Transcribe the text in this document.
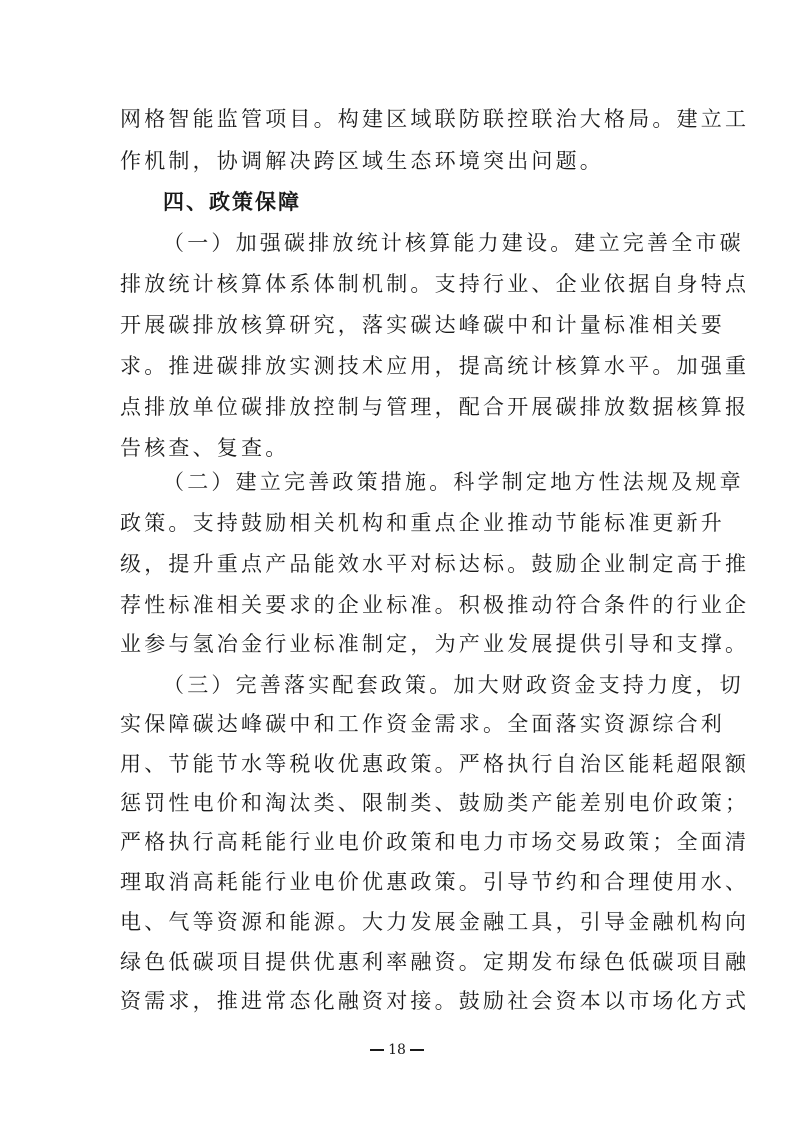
网格智能监管项目。构建区域联防联控联治大格局。建立工
作机制，协调解决跨区域生态环境突出问题。
四、政策保障
（一）加强碳排放统计核算能力建设。建立完善全市碳
排放统计核算体系体制机制。支持行业、企业依据自身特点
开展碳排放核算研究，落实碳达峰碳中和计量标准相关要
求。推进碳排放实测技术应用，提高统计核算水平。加强重
点排放单位碳排放控制与管理，配合开展碳排放数据核算报
告核查、复查。
（二）建立完善政策措施。科学制定地方性法规及规章
政策。支持鼓励相关机构和重点企业推动节能标准更新升
级，提升重点产品能效水平对标达标。鼓励企业制定高于推
荐性标准相关要求的企业标准。积极推动符合条件的行业企
业参与氢冶金行业标准制定，为产业发展提供引导和支撑。
（三）完善落实配套政策。加大财政资金支持力度，切
实保障碳达峰碳中和工作资金需求。全面落实资源综合利
用、节能节水等税收优惠政策。严格执行自治区能耗超限额
惩罚性电价和淘汰类、限制类、鼓励类产能差别电价政策；
严格执行高耗能行业电价政策和电力市场交易政策；全面清
理取消高耗能行业电价优惠政策。引导节约和合理使用水、
电、气等资源和能源。大力发展金融工具，引导金融机构向
绿色低碳项目提供优惠利率融资。定期发布绿色低碳项目融
资需求，推进常态化融资对接。鼓励社会资本以市场化方式
18
